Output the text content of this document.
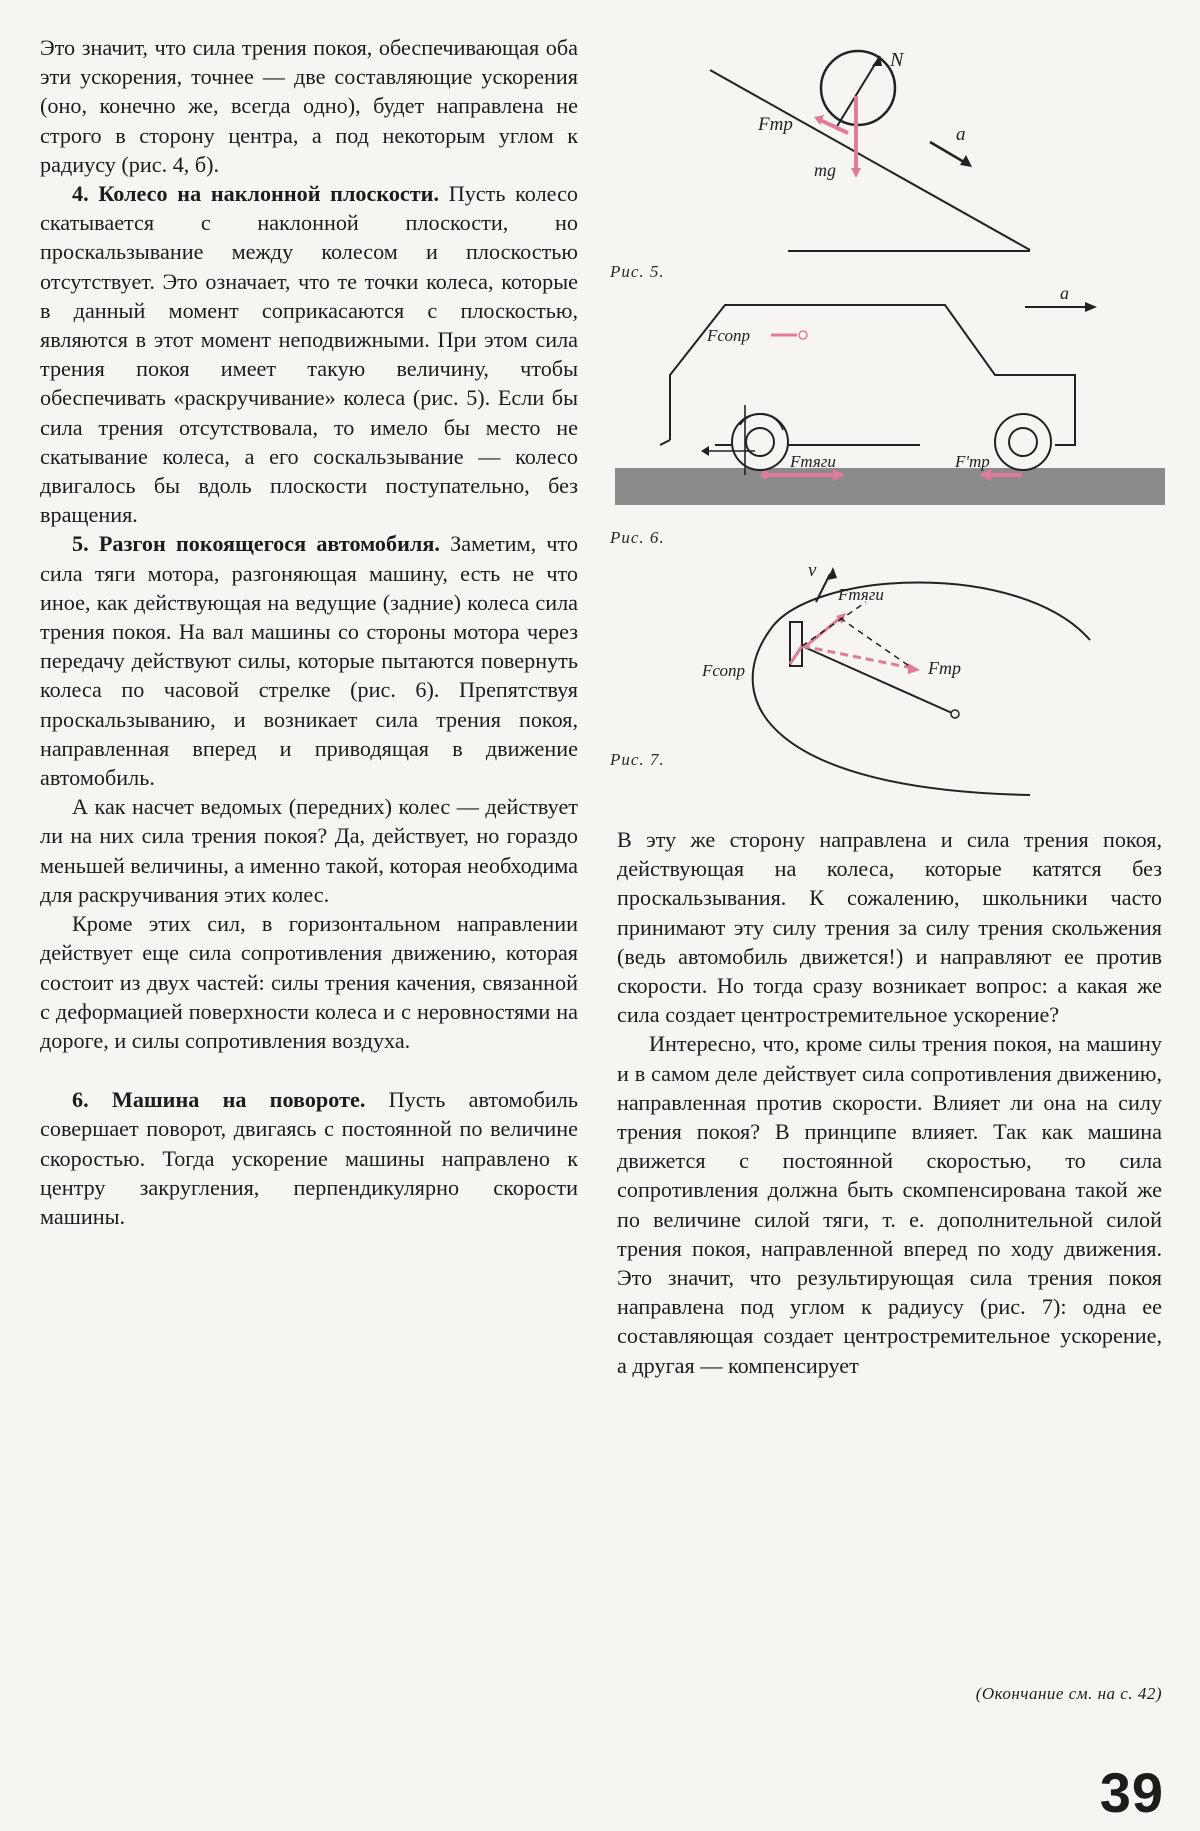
Это значит, что сила трения покоя, обеспечивающая оба эти ускорения, точнее — две составляющие ускорения (оно, конечно же, всегда одно), будет направлена не строго в сторону центра, а под некоторым углом к радиусу (рис. 4, б).

4. Колесо на наклонной плоскости. Пусть колесо скатывается с наклонной плоскости, но проскальзывание между колесом и плоскостью отсутствует. Это означает, что те точки колеса, которые в данный момент соприкасаются с плоскостью, являются в этот момент неподвижными. При этом сила трения покоя имеет такую величину, чтобы обеспечивать «раскручивание» колеса (рис. 5). Если бы сила трения отсутствовала, то имело бы место не скатывание колеса, а его соскальзывание — колесо двигалось бы вдоль плоскости поступательно, без вращения.

5. Разгон покоящегося автомобиля. Заметим, что сила тяги мотора, разгоняющая машину, есть не что иное, как действующая на ведущие (задние) колеса сила трения покоя. На вал машины со стороны мотора через передачу действуют силы, которые пытаются повернуть колеса по часовой стрелке (рис. 6). Препятствуя проскальзыванию, и возникает сила трения покоя, направленная вперед и приводящая в движение автомобиль.

А как насчет ведомых (передних) колес — действует ли на них сила трения покоя? Да, действует, но гораздо меньшей величины, а именно такой, которая необходима для раскручивания этих колес.

Кроме этих сил, в горизонтальном направлении действует еще сила сопротивления движению, которая состоит из двух частей: силы трения качения, связанной с деформацией поверхности колеса и с неровностями на дороге, и силы сопротивления воздуха.

6. Машина на повороте. Пусть автомобиль совершает поворот, двигаясь с постоянной по величине скоростью. Тогда ускорение машины направлено к центру закругления, перпендикулярно скорости машины.

В эту же сторону направлена и сила трения покоя, действующая на колеса, которые катятся без проскальзывания. К сожалению, школьники часто принимают эту силу трения за силу трения скольжения (ведь автомобиль движется!) и направляют ее против скорости. Но тогда сразу возникает вопрос: а какая же сила создает центростремительное ускорение?

Интересно, что, кроме силы трения покоя, на машину и в самом деле действует сила сопротивления движению, направленная против скорости. Влияет ли она на силу трения покоя? В принципе влияет. Так как машина движется с постоянной скоростью, то сила сопротивления должна быть скомпенсирована такой же по величине силой тяги, т. е. дополнительной силой трения покоя, направленной вперед по ходу движения. Это значит, что результирующая сила трения покоя направлена под углом к радиусу (рис. 7): одна ее составляющая создает центростремительное ускорение, а другая — компенсирует

N
Fтр
mg
a
Рис. 5.
a
Fсопр
Fтяги	F'тр
Рис. 6.
v
Fтяги
Fсопр	Fтр
Рис. 7.
(Окончание см. на с. 42)
39
